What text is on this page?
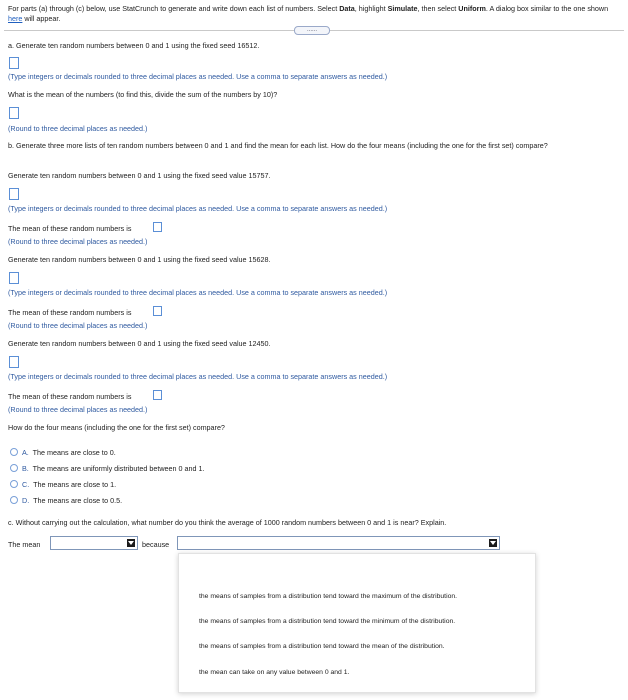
For parts (a) through (c) below, use StatCrunch to generate and write down each list of numbers. Select Data, highlight Simulate, then select Uniform. A dialog box similar to the one shown here will appear.
......
a. Generate ten random numbers between 0 and 1 using the fixed seed 16512.
(Type integers or decimals rounded to three decimal places as needed. Use a comma to separate answers as needed.)
What is the mean of the numbers (to find this, divide the sum of the numbers by 10)?
(Round to three decimal places as needed.)
b. Generate three more lists of ten random numbers between 0 and 1 and find the mean for each list. How do the four means (including the one for the first set) compare?
Generate ten random numbers between 0 and 1 using the fixed seed value 15757.
(Type integers or decimals rounded to three decimal places as needed. Use a comma to separate answers as needed.)
The mean of these random numbers is
(Round to three decimal places as needed.)
Generate ten random numbers between 0 and 1 using the fixed seed value 15628.
(Type integers or decimals rounded to three decimal places as needed. Use a comma to separate answers as needed.)
The mean of these random numbers is
(Round to three decimal places as needed.)
Generate ten random numbers between 0 and 1 using the fixed seed value 12450.
(Type integers or decimals rounded to three decimal places as needed. Use a comma to separate answers as needed.)
The mean of these random numbers is
(Round to three decimal places as needed.)
How do the four means (including the one for the first set) compare?
A. The means are close to 0.
B. The means are uniformly distributed between 0 and 1.
C. The means are close to 1.
D. The means are close to 0.5.
c. Without carrying out the calculation, what number do you think the average of 1000 random numbers between 0 and 1 is near? Explain.
The mean	because
the means of samples from a distribution tend toward the maximum of the distribution.
the means of samples from a distribution tend toward the minimum of the distribution.
the means of samples from a distribution tend toward the mean of the distribution.
the mean can take on any value between 0 and 1.
